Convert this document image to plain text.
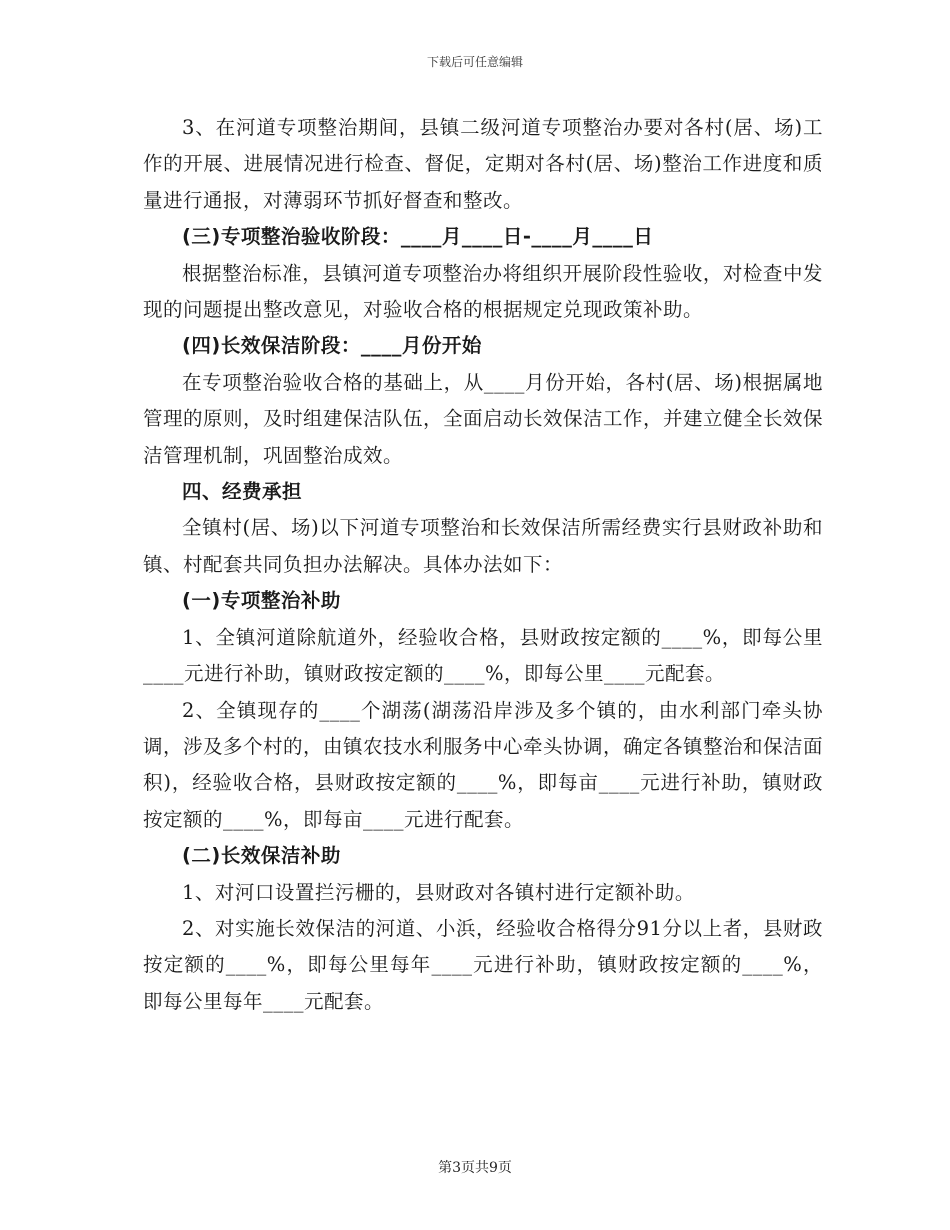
下载后可任意编辑

3、在河道专项整治期间，县镇二级河道专项整治办要对各村(居、场)工作的开展、进展情况进行检查、督促，定期对各村(居、场)整治工作进度和质量进行通报，对薄弱环节抓好督查和整改。

(三)专项整治验收阶段：____月____日-____月____日

根据整治标准，县镇河道专项整治办将组织开展阶段性验收，对检查中发现的问题提出整改意见，对验收合格的根据规定兑现政策补助。

(四)长效保洁阶段：____月份开始

在专项整治验收合格的基础上，从____月份开始，各村(居、场)根据属地管理的原则，及时组建保洁队伍，全面启动长效保洁工作，并建立健全长效保洁管理机制，巩固整治成效。

四、经费承担

全镇村(居、场)以下河道专项整治和长效保洁所需经费实行县财政补助和镇、村配套共同负担办法解决。具体办法如下：

(一)专项整治补助

1、全镇河道除航道外，经验收合格，县财政按定额的____%，即每公里____元进行补助，镇财政按定额的____%，即每公里____元配套。

2、全镇现存的____个湖荡(湖荡沿岸涉及多个镇的，由水利部门牵头协调，涉及多个村的，由镇农技水利服务中心牵头协调，确定各镇整治和保洁面积)，经验收合格，县财政按定额的____%，即每亩____元进行补助，镇财政按定额的____%，即每亩____元进行配套。

(二)长效保洁补助

1、对河口设置拦污栅的，县财政对各镇村进行定额补助。

2、对实施长效保洁的河道、小浜，经验收合格得分91分以上者，县财政按定额的____%，即每公里每年____元进行补助，镇财政按定额的____%，即每公里每年____元配套。

第3页共9页
